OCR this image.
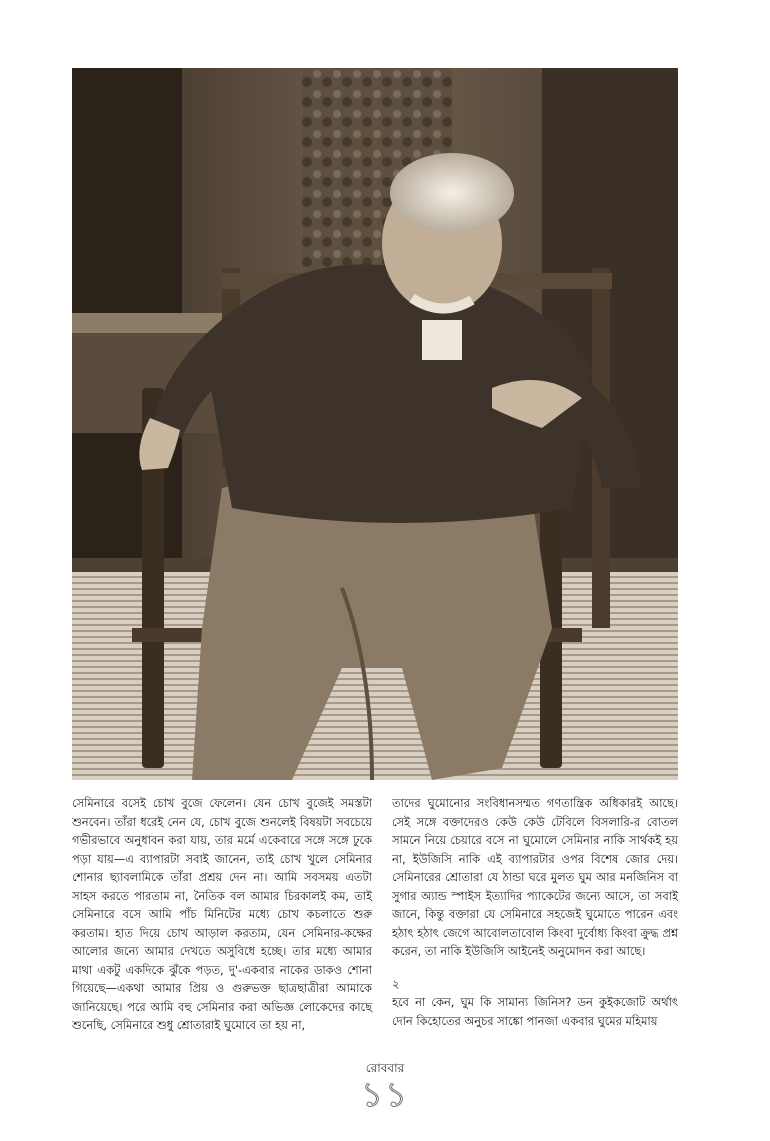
সেমিনারে বসেই চোখ বুজে ফেলেন। যেন চোখ বুজেই সমস্তটা শুনবেন। তাঁরা ধরেই নেন যে, চোখ বুজে শুনলেই বিষয়টা সবচেয়ে গভীরভাবে অনুধাবন করা যায়, তার মর্মে একেবারে সঙ্গে সঙ্গে ঢুকে পড়া যায়—এ ব্যাপারটা সবাই জানেন, তাই চোখ খুলে সেমিনার শোনার ছ্যাবলামিকে তাঁরা প্রশ্রয় দেন না। আমি সবসময় এতটা সাহস করতে পারতাম না, নৈতিক বল আমার চিরকালই কম, তাই সেমিনারে বসে আমি পাঁচ মিনিটের মধ্যে চোখ কচলাতে শুরু করতাম। হাত দিয়ে চোখ আড়াল করতাম, যেন সেমিনার-কক্ষের আলোর জন্যে আমার দেখতে অসুবিধে হচ্ছে। তার মধ্যে আমার মাথা একটু একদিকে ঝুঁকে পড়ত, দু'-একবার নাকের ডাকও শোনা গিয়েছে—একথা আমার প্রিয় ও গুরুভক্ত ছাত্রছাত্রীরা আমাকে জানিয়েছে। পরে আমি বহু সেমিনার করা অভিজ্ঞ লোকেদের কাছে শুনেছি, সেমিনারে শুধু শ্রোতারাই ঘুমোবে তা হয় না,

তাদের ঘুমোনোর সংবিধানসম্মত গণতান্ত্রিক অধিকারই আছে। সেই সঙ্গে বক্তাদেরও কেউ কেউ টেবিলে বিসলারি-র বোতল সামনে নিয়ে চেয়ারে বসে না ঘুমোলে সেমিনার নাকি সার্থকই হয় না, ইউজিসি নাকি এই ব্যাপারটার ওপর বিশেষ জোর দেয়। সেমিনারের শ্রোতারা যে ঠান্ডা ঘরে মুলত ঘুম আর মনজিনিস বা সুগার অ্যান্ড স্পাইস ইত্যাদির প্যাকেটের জন্যে আসে, তা সবাই জানে, কিন্তু বক্তারা যে সেমিনারে সহজেই ঘুমোতে পারেন এবং হঠাৎ হঠাৎ জেগে আবোলতাবোল কিংবা দুর্বোধ্য কিংবা ক্রুদ্ধ প্রশ্ন করেন, তা নাকি ইউজিসি আইনেই অনুমোদন করা আছে।

২

হবে না কেন, ঘুম কি সামান্য জিনিস? ডন কুইকজোট অর্থাৎ দোন কিহোতের অনুচর সাঙ্কো পানজা একবার ঘুমের মহিমায়

রোববার
১১
